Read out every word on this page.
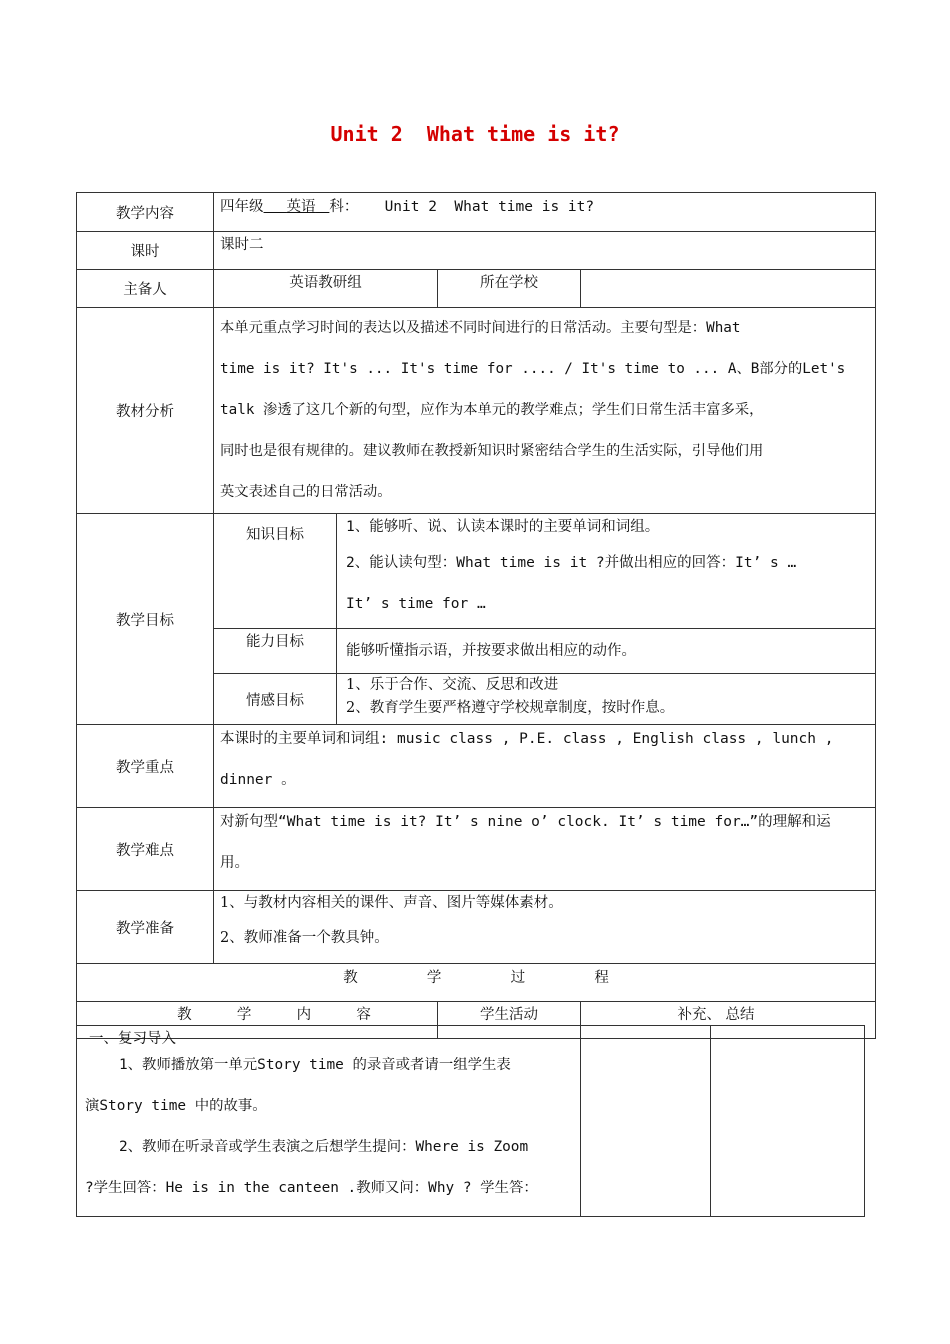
Unit 2  What time is it?
教学内容	四年级 英语 科： Unit 2  What time is it?			
课时	课时二			
主备人	英语教研组		所在学校	
教材分析	本单元重点学习时间的表达以及描述不同时间进行的日常活动。主要句型是：What
time is it? It's ... It's time for .... / It's time to ... A、B部分的Let's
talk 渗透了这几个新的句型，应作为本单元的教学难点；学生们日常生活丰富多采，
同时也是很有规律的。建议教师在教授新知识时紧密结合学生的生活实际，引导他们用
英文表述自己的日常活动。			

教学目标	知识目标	1、能够听、说、认读本课时的主要单词和词组。
2、能认读句型：What time is it ?并做出相应的回答：It’ s …
It’ s time for …		

	能力目标	能够听懂指示语，并按要求做出相应的动作。		
	情感目标	1、乐于合作、交流、反思和改进
2、教育学生要严格遵守学校规章制度，按时作息。		

教学重点	本课时的主要单词和词组: music class , P.E. class , English class , lunch ,
dinner 。			

教学难点	对新句型“What time is it? It’ s nine o’ clock. It’ s time for…”的理解和运
用。			

教学准备	1、与教材内容相关的课件、声音、图片等媒体素材。
2、教师准备一个教具钟。			

教 学 过 程				
教 学 内 容			学生活动	补充、 总结
一、复习导入
1、教师播放第一单元Story time 的录音或者请一组学生表
演Story time 中的故事。
2、教师在听录音或学生表演之后想学生提问：Where is Zoom
?学生回答：He is in the canteen .教师又问：Why ? 学生答：
